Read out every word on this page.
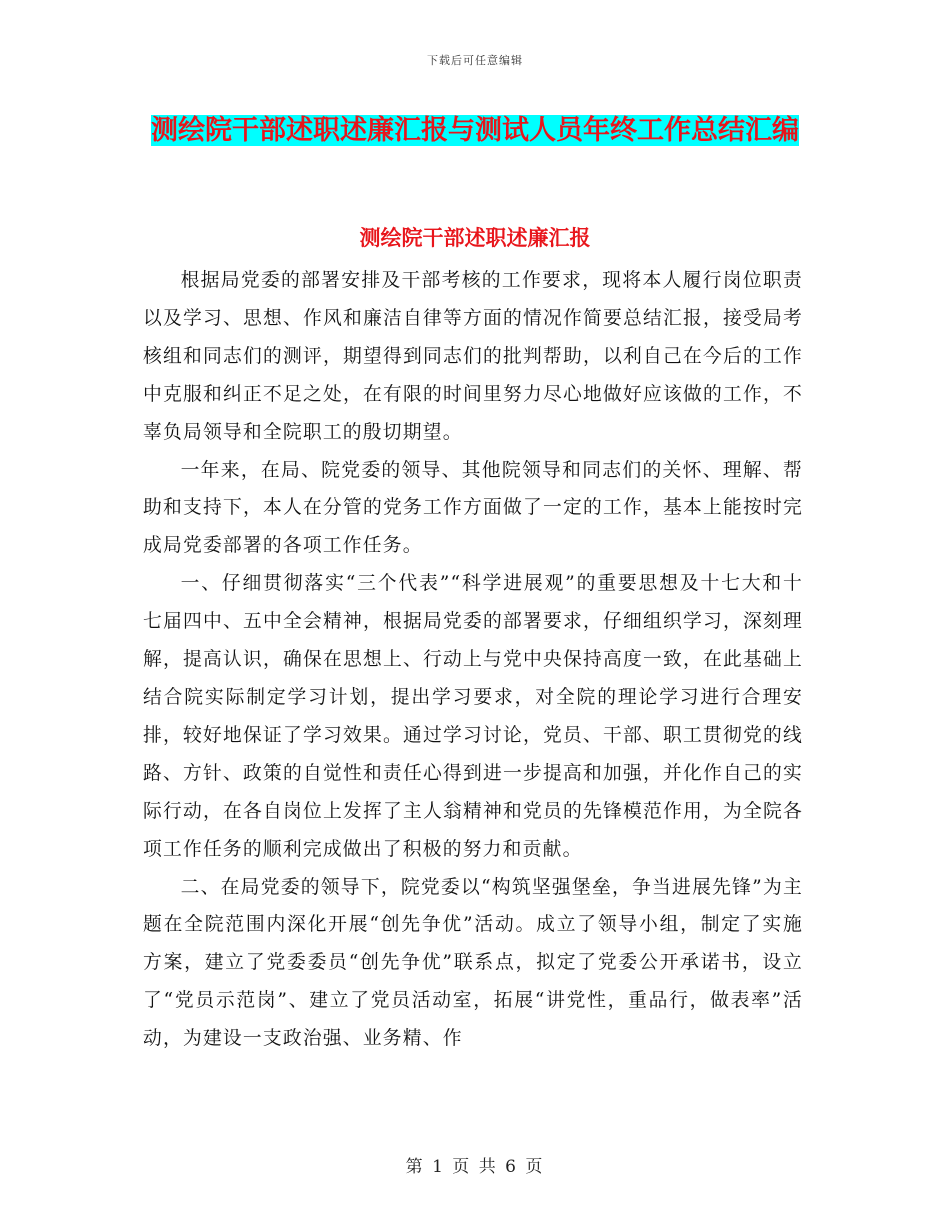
下载后可任意编辑
测绘院干部述职述廉汇报与测试人员年终工作总结汇编
测绘院干部述职述廉汇报

根据局党委的部署安排及干部考核的工作要求，现将本人履行岗位职责以及学习、思想、作风和廉洁自律等方面的情况作简要总结汇报，接受局考核组和同志们的测评，期望得到同志们的批判帮助，以利自己在今后的工作中克服和纠正不足之处，在有限的时间里努力尽心地做好应该做的工作，不辜负局领导和全院职工的殷切期望。

一年来，在局、院党委的领导、其他院领导和同志们的关怀、理解、帮助和支持下，本人在分管的党务工作方面做了一定的工作，基本上能按时完成局党委部署的各项工作任务。

一、仔细贯彻落实“三个代表”“科学进展观”的重要思想及十七大和十七届四中、五中全会精神，根据局党委的部署要求，仔细组织学习，深刻理解，提高认识，确保在思想上、行动上与党中央保持高度一致，在此基础上结合院实际制定学习计划，提出学习要求，对全院的理论学习进行合理安排，较好地保证了学习效果。通过学习讨论，党员、干部、职工贯彻党的线路、方针、政策的自觉性和责任心得到进一步提高和加强，并化作自己的实际行动，在各自岗位上发挥了主人翁精神和党员的先锋模范作用，为全院各项工作任务的顺利完成做出了积极的努力和贡献。

二、在局党委的领导下，院党委以“构筑坚强堡垒，争当进展先锋”为主题在全院范围内深化开展“创先争优”活动。成立了领导小组，制定了实施方案，建立了党委委员“创先争优”联系点，拟定了党委公开承诺书，设立了“党员示范岗”、建立了党员活动室，拓展“讲党性，重品行，做表率”活动，为建设一支政治强、业务精、作

第 1 页 共 6 页
